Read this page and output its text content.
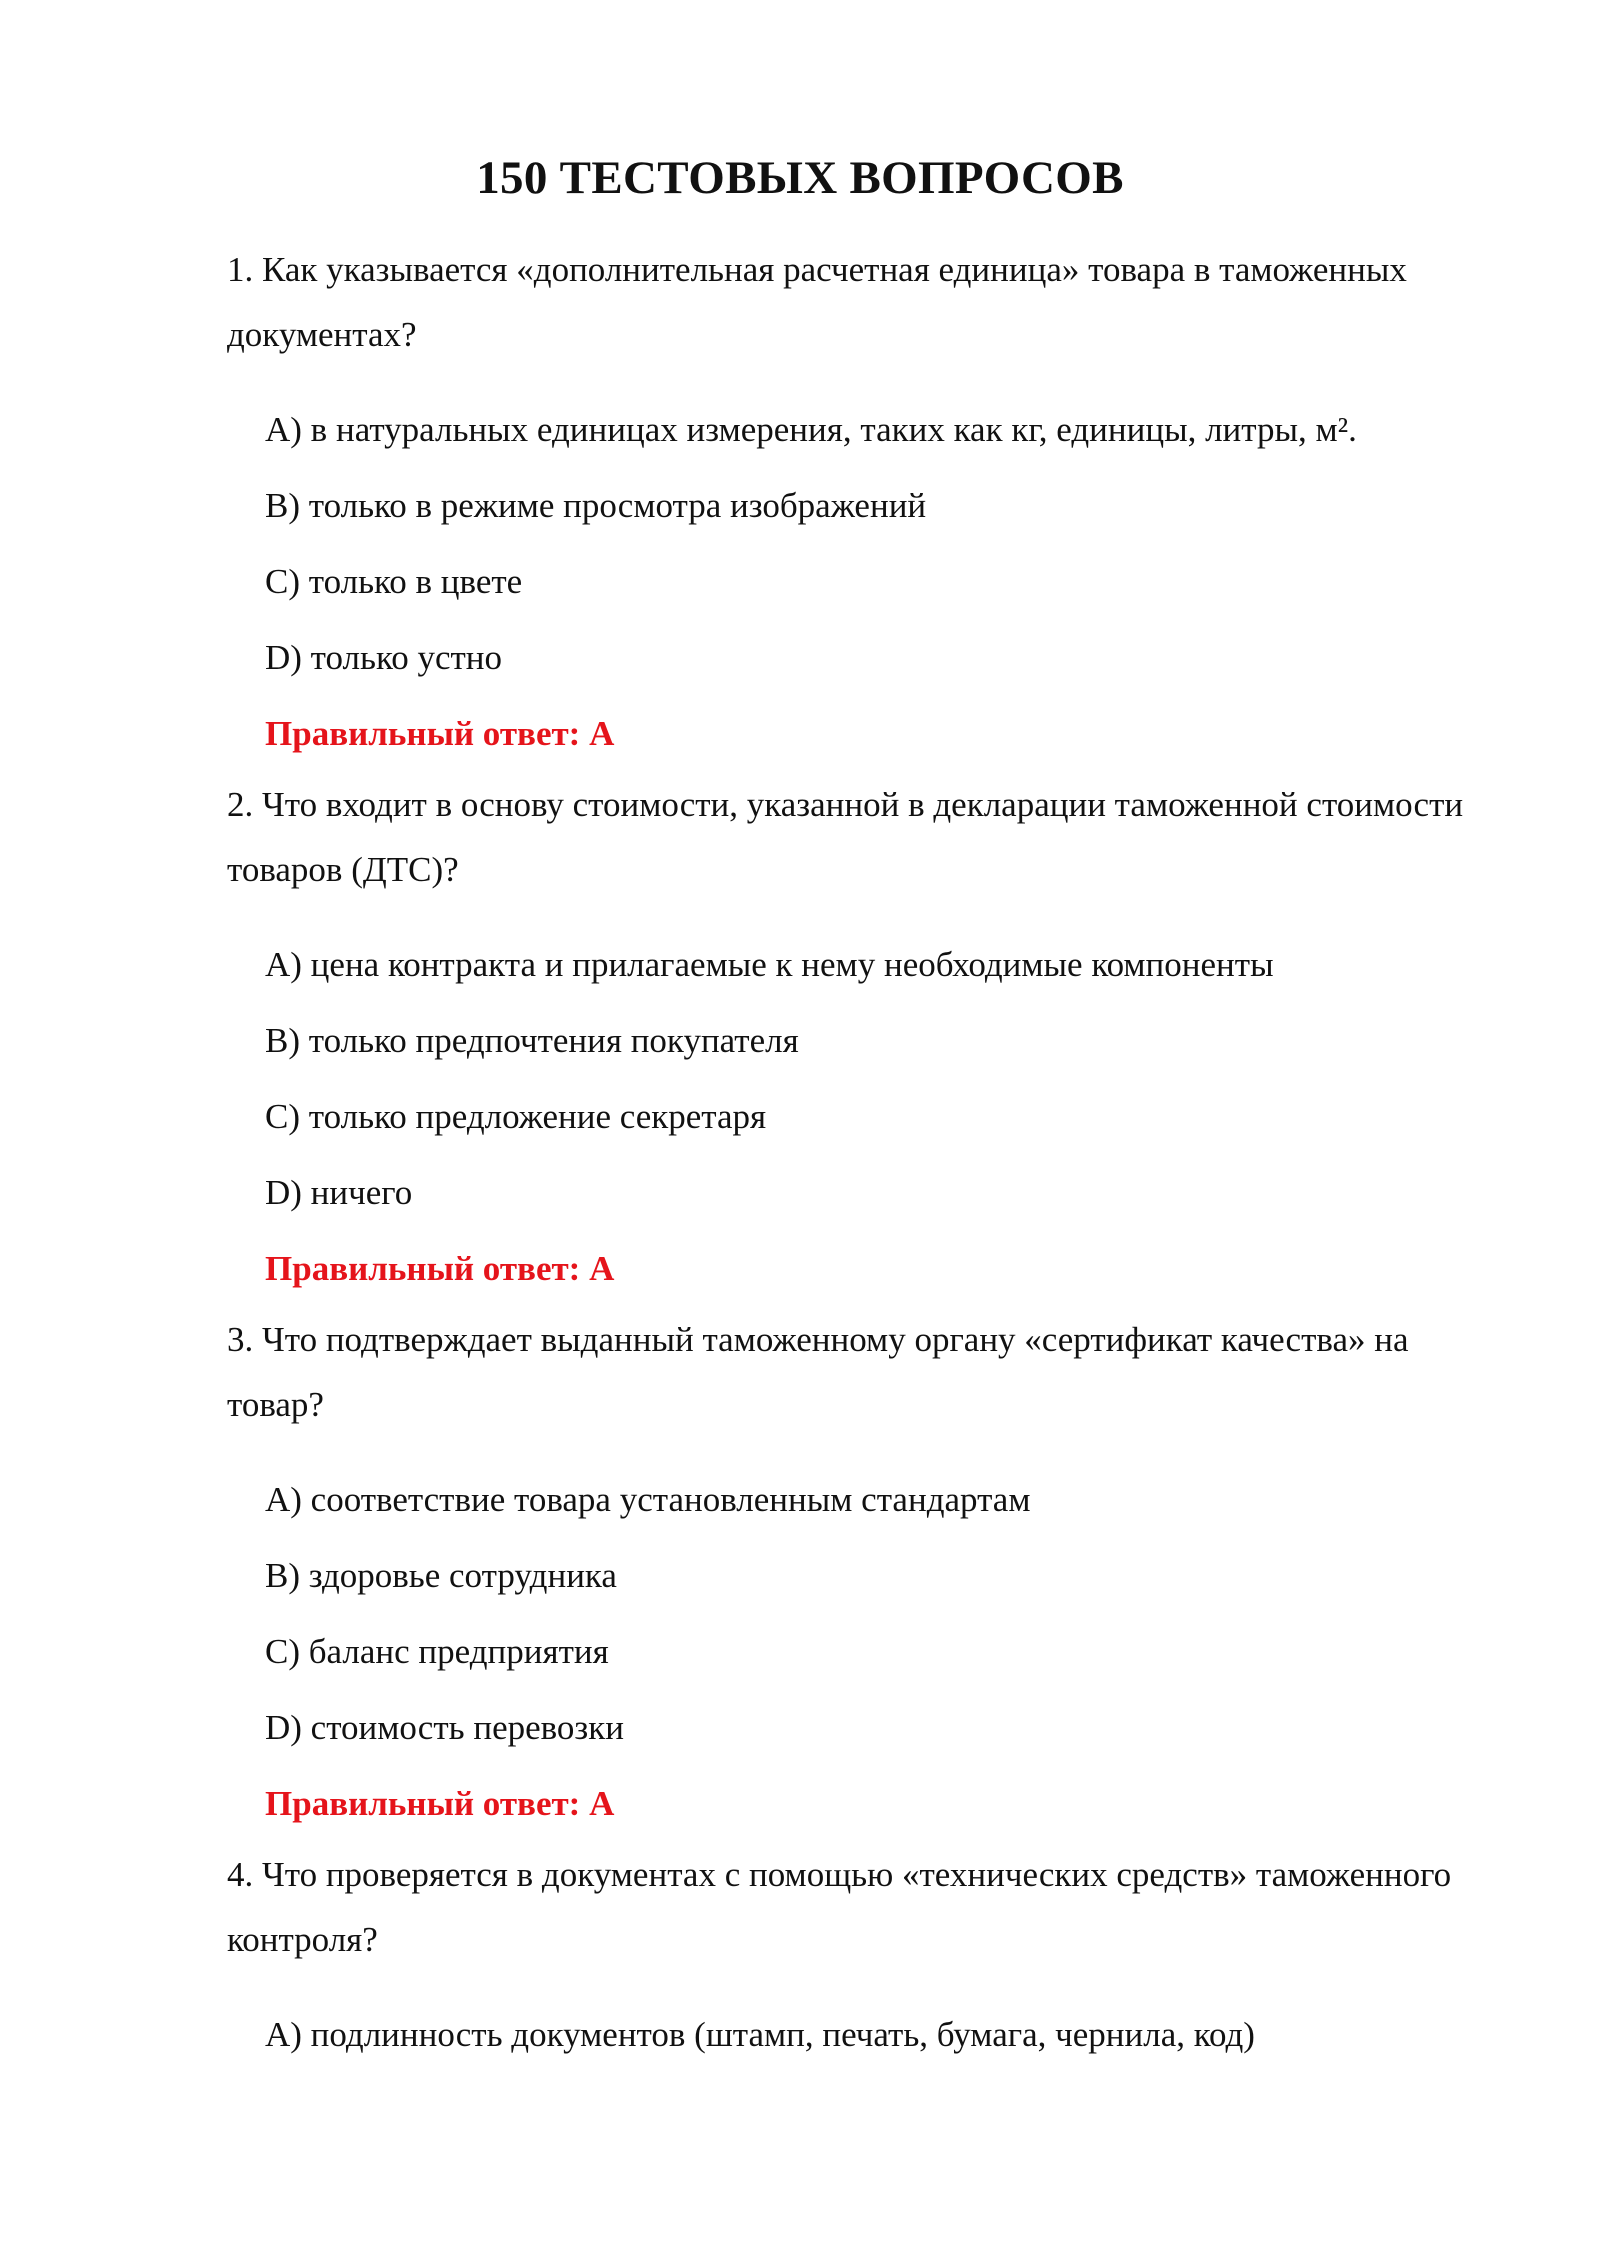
150 ТЕСТОВЫХ ВОПРОСОВ

1. Как указывается «дополнительная расчетная единица» товара в таможенных документах?

A) в натуральных единицах измерения, таких как кг, единицы, литры, м².

B) только в режиме просмотра изображений

C) только в цвете

D) только устно

Правильный ответ: A

2. Что входит в основу стоимости, указанной в декларации таможенной стоимости товаров (ДТС)?

A) цена контракта и прилагаемые к нему необходимые компоненты

B) только предпочтения покупателя

C) только предложение секретаря

D) ничего

Правильный ответ: A

3. Что подтверждает выданный таможенному органу «сертификат качества» на товар?

A) соответствие товара установленным стандартам

B) здоровье сотрудника

C) баланс предприятия

D) стоимость перевозки

Правильный ответ: A

4. Что проверяется в документах с помощью «технических средств» таможенного контроля?

A) подлинность документов (штамп, печать, бумага, чернила, код)
